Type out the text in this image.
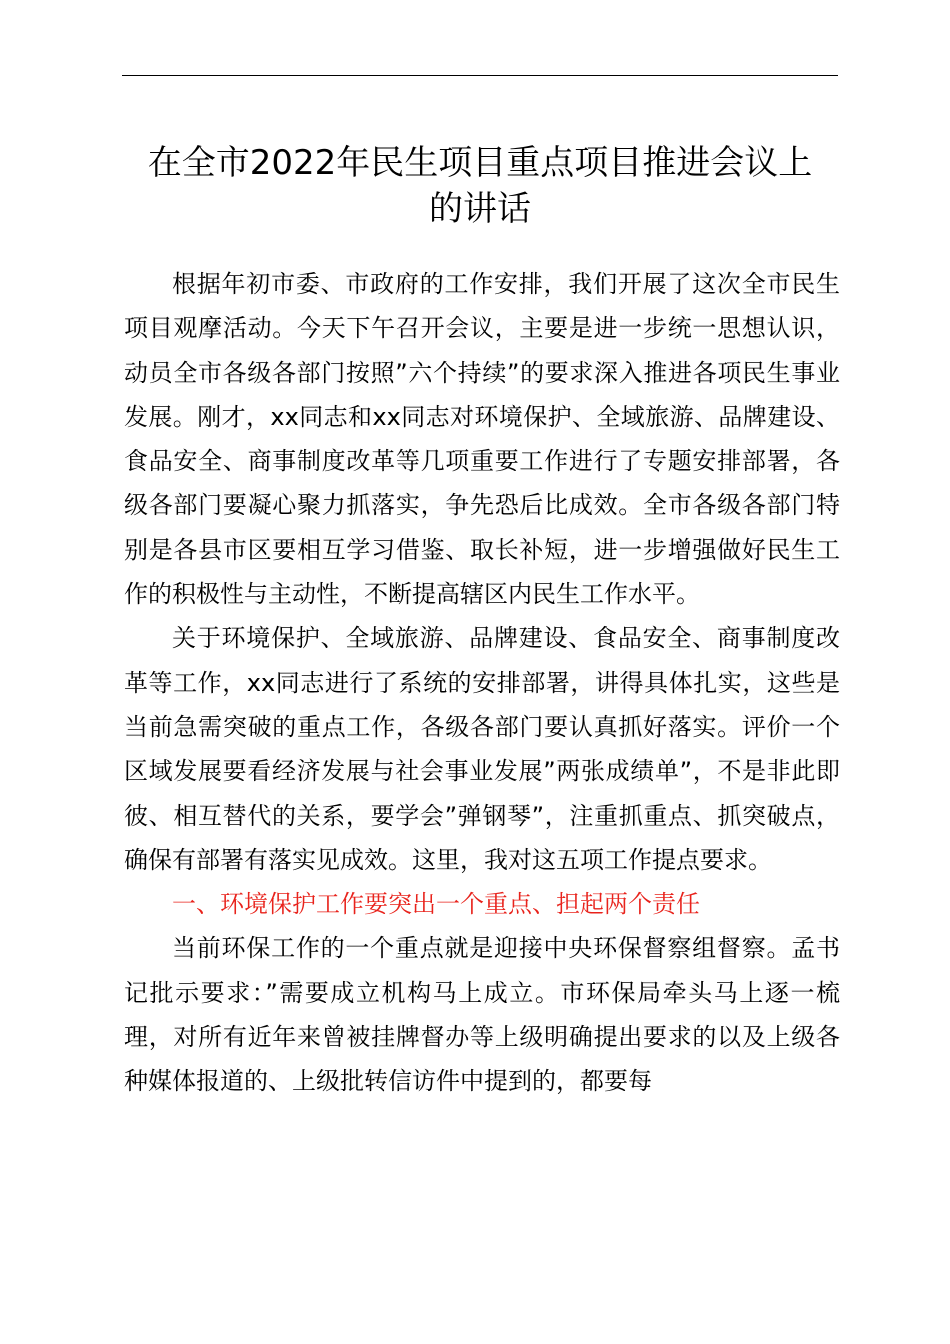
在全市2022年民生项目重点项目推进会议上
的讲话

根据年初市委、市政府的工作安排，我们开展了这次全市民生项目观摩活动。今天下午召开会议，主要是进一步统一思想认识，动员全市各级各部门按照”六个持续”的要求深入推进各项民生事业发展。刚才，xx同志和xx同志对环境保护、全域旅游、品牌建设、食品安全、商事制度改革等几项重要工作进行了专题安排部署，各级各部门要凝心聚力抓落实，争先恐后比成效。全市各级各部门特别是各县市区要相互学习借鉴、取长补短，进一步增强做好民生工作的积极性与主动性，不断提高辖区内民生工作水平。

关于环境保护、全域旅游、品牌建设、食品安全、商事制度改革等工作，xx同志进行了系统的安排部署，讲得具体扎实，这些是当前急需突破的重点工作，各级各部门要认真抓好落实。评价一个区域发展要看经济发展与社会事业发展”两张成绩单”，不是非此即彼、相互替代的关系，要学会”弹钢琴”，注重抓重点、抓突破点，确保有部署有落实见成效。这里，我对这五项工作提点要求。

一、环境保护工作要突出一个重点、担起两个责任

当前环保工作的一个重点就是迎接中央环保督察组督察。孟书记批示要求：”需要成立机构马上成立。市环保局牵头马上逐一梳理，对所有近年来曾被挂牌督办等上级明确提出要求的以及上级各种媒体报道的、上级批转信访件中提到的，都要每
